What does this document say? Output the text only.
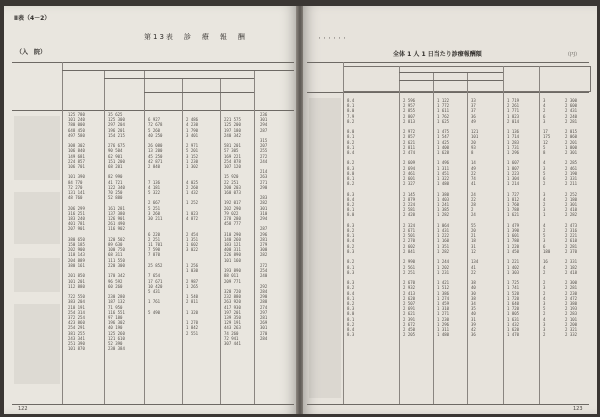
Ⅱ表（4－2）
第13表　診　療　報　酬
（入　院）
125 780
101 240
780 000
648 450
497 580

308 302
106 840
149 681
224 857
106 701

101 390
84 770
72 270
131 141
48 760

206 299
316 251
183 240
401 781
207 901

380 650
150 185
202 900
118 143
204 889
380 161

201 850
101 201
112 880

722 550
383 204
218 191
254 314
372 254
423 860
254 291
381 255
243 341
251 390
101 870
35 625
125 300
297 204
196 201
154 215

276 675
90 504
62 901
151 200
68 201

82 990
41 721
122 340
70 250
52 880

161 281
137 380
126 901
261 490
116 902

120 502
89 630
100 750
68 311
111 550
220 300

170 342
96 592
60 260

230 280
187 132
71 950
116 551
97 180
196 302
40 190
125 260
121 610
52 390
230 384

6 927
72 678
5 260
40 250

26 080
13 200
45 250
42 871
2 840

7 136
4 181
5 322

2 667
5 251
3 260
30 211

6 220
2 251
11 701
7 590
7 870

25 852

7 654
17 671
10 420
5 431

1 761

5 490

2 486
4 230
1 790
3 401

2 971
5 201
3 152
1 230
1 302

4 025
2 260
1 432

1 252

1 023
4 872

2 454
1 351
1 602
3 022

1 256
1 030

2 987
1 265

1 540
2 811

1 320

1 270
1 842
2 551

221 575
125 200
197 180
240 342

581 201
57 305
169 221
254 878
107 120

15 920
22 251
200 203
160 073

192 017
202 290
79 022
278 280
458 777

310 290
140 260
183 121
400 311
226 890
101 160

193 890
88 011
209 771

320 720
232 880
263 920
417 930
197 201
139 350
129 191
443 263
74 260
72 941
307 441
236
301
294
287

315
207
255
272
244

214
263
271
290

283
282
301
310
294

287
296
281
279
300
282

272
254
240

292
284
290
288
274
297
281
269
301
270
284
122
・・・・・・
全体 1 人 1 日当たり診療報酬額	（円）
8.4
8.1
8.0
7.9
8.2

8.0
8.1
8.2
8.1
8.4

8.2
8.3
8.0
8.1
8.2

8.3
8.4
8.2
8.1
8.0

8.3
8.2
8.1
8.4
8.2
8.3

8.2
8.1
8.3

8.3
8.2
8.4
8.1
8.2
8.3
8.0
8.1
8.2
8.4
8.3
2 596
2 957
2 855
2 807
2 813

2 972
2 857
2 621
2 811
2 474

2 609
2 694
2 461
2 601
2 327

2 145
2 879
2 224
2 581
2 420

2 324
2 671
2 501
2 270
2 602
2 841

2 990
2 561
2 251

2 670
2 932
2 413
2 620
2 507
2 691
2 621
2 391
2 672
2 450
2 205
1 122
1 772
1 611
1 762
1 625

1 475
1 547
1 425
1 400
1 628

1 496
1 311
1 451
1 322
1 480

1 380
1 403
1 241
1 385
1 282

1 064
1 431
1 222
1 160
1 351
1 282

1 244
1 202
1 231

1 421
1 512
1 386
1 274
1 459
1 310
1 271
1 230
1 296
1 311
1 480
33
37
37
36
49

121
101
20
93
8

14
49
22
74
41

24
22
28
2
24

55
20
21
18
31
12

134
41
22

38
40
30
38
34
35
40
31
39
42
36
1 719
2 261
1 771
1 823
2 014

1 136
1 714
1 283
1 731
1 296

1 607
1 807
1 223
1 304
1 214

1 727
1 812
1 760
1 788
1 621

1 479
1 390
1 601
1 780
1 220
1 450

1 221
1 402
1 303

1 725
1 741
1 520
1 720
1 640
1 720
1 805
1 631
1 432
1 620
1 470
3
4
2
6
3

17
175
12
5
8

4
3
5
6
2

3
4
2
3
1

4
2
5
3
6
180

16
4
2

2
3
2
4
3
5
2
4
3
3
2
2 300
2 600
2 431
2 240
2 281

2 015
2 060
2 201
1 800
2 301

2 285
2 461
2 190
2 331
2 211

2 252
2 180
2 301
2 410
2 282

2 473
2 316
2 221
2 610
2 281
2 370

2 331
2 182
2 418

2 300
2 281
2 230
2 472
2 380
2 193
2 283
2 101
2 200
2 321
2 332
123
